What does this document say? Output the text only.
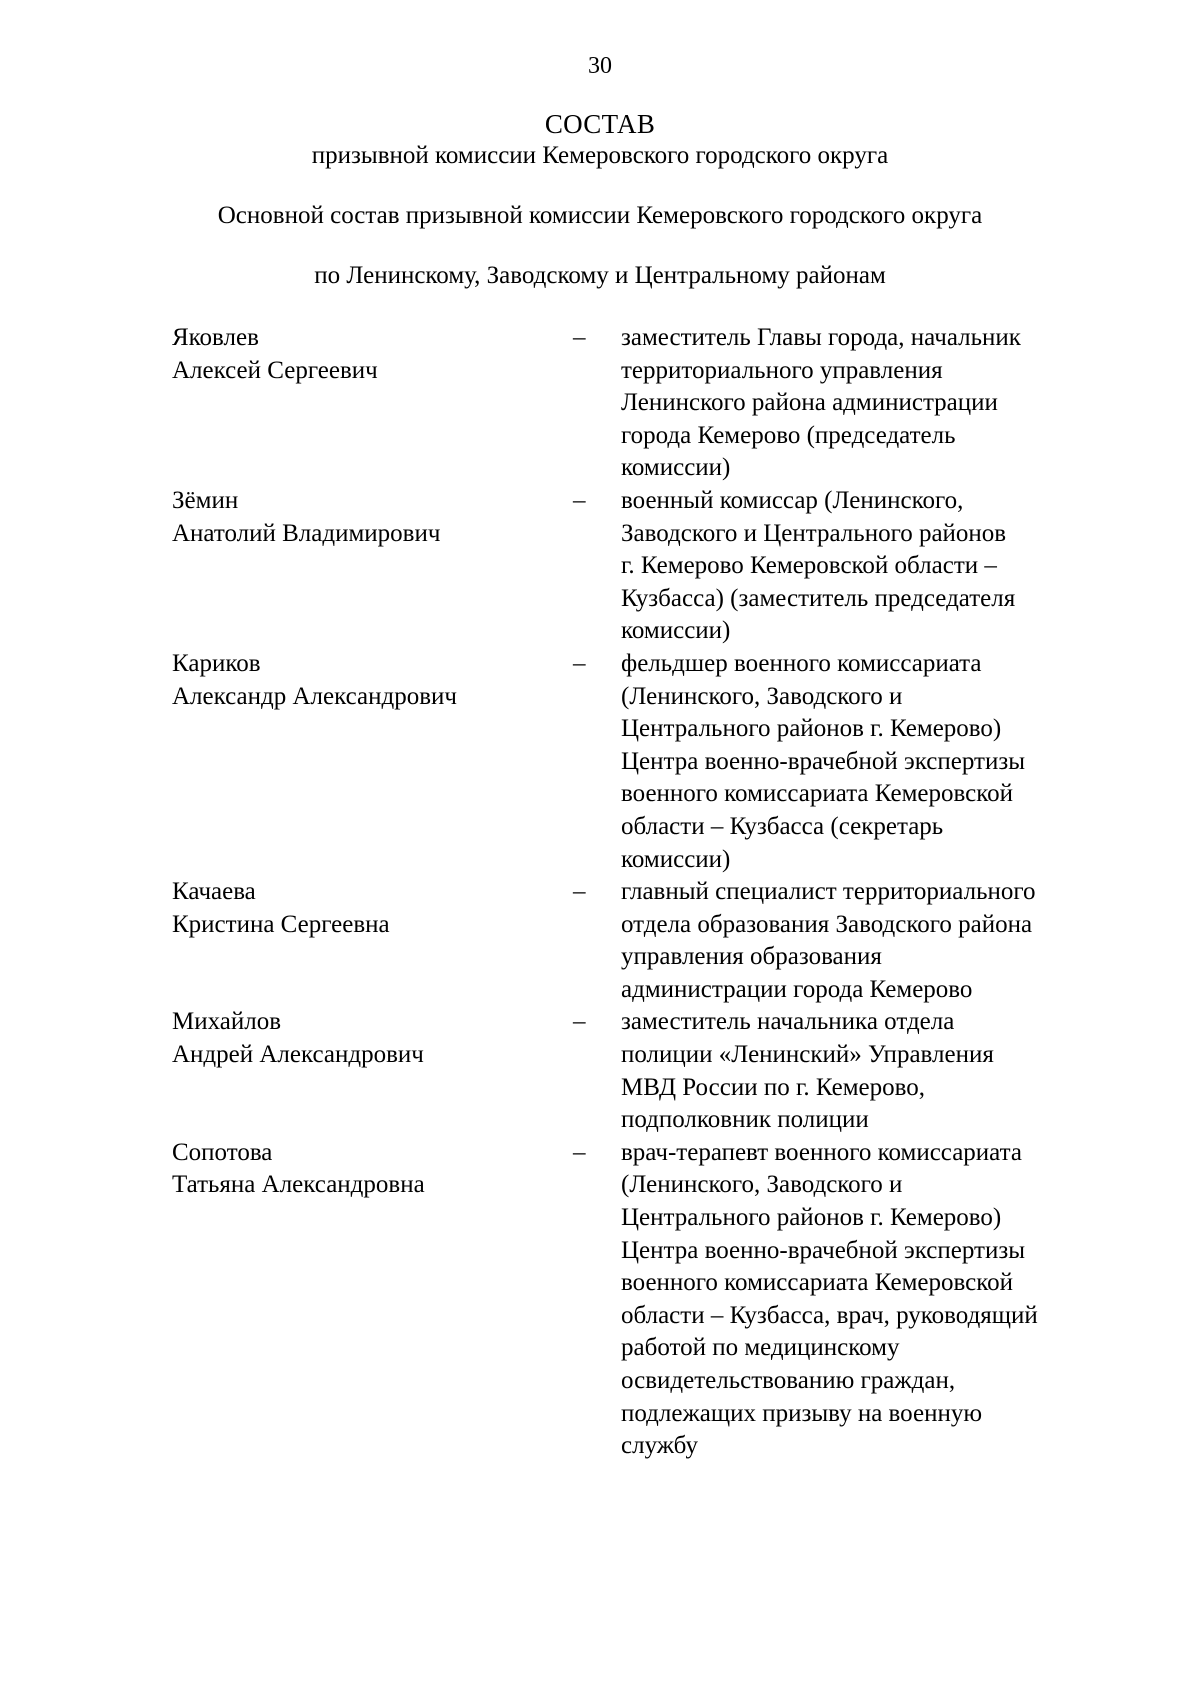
30
СОСТАВ
призывной комиссии Кемеровского городского округа
Основной состав призывной комиссии Кемеровского городского округа
по Ленинскому, Заводскому и Центральному районам
Яковлев
Алексей Сергеевич
–	заместитель Главы города, начальник
территориального управления
Ленинского района администрации
города Кемерово (председатель
комиссии)
Зёмин
Анатолий Владимирович
–	военный комиссар (Ленинского,
Заводского и Центрального районов
г. Кемерово Кемеровской области –
Кузбасса) (заместитель председателя
комиссии)
Кариков
Александр Александрович
–	фельдшер военного комиссариата
(Ленинского, Заводского и
Центрального районов г. Кемерово)
Центра военно-врачебной экспертизы
военного комиссариата Кемеровской
области – Кузбасса (секретарь
комиссии)
Качаева
Кристина Сергеевна
–	главный специалист территориального
отдела образования Заводского района
управления образования
администрации города Кемерово
Михайлов
Андрей Александрович
–	заместитель начальника отдела
полиции «Ленинский» Управления
МВД России по г. Кемерово,
подполковник полиции
Сопотова
Татьяна Александровна
–	врач-терапевт военного комиссариата
(Ленинского, Заводского и
Центрального районов г. Кемерово)
Центра военно-врачебной экспертизы
военного комиссариата Кемеровской
области – Кузбасса, врач, руководящий
работой по медицинскому
освидетельствованию граждан,
подлежащих призыву на военную
службу
